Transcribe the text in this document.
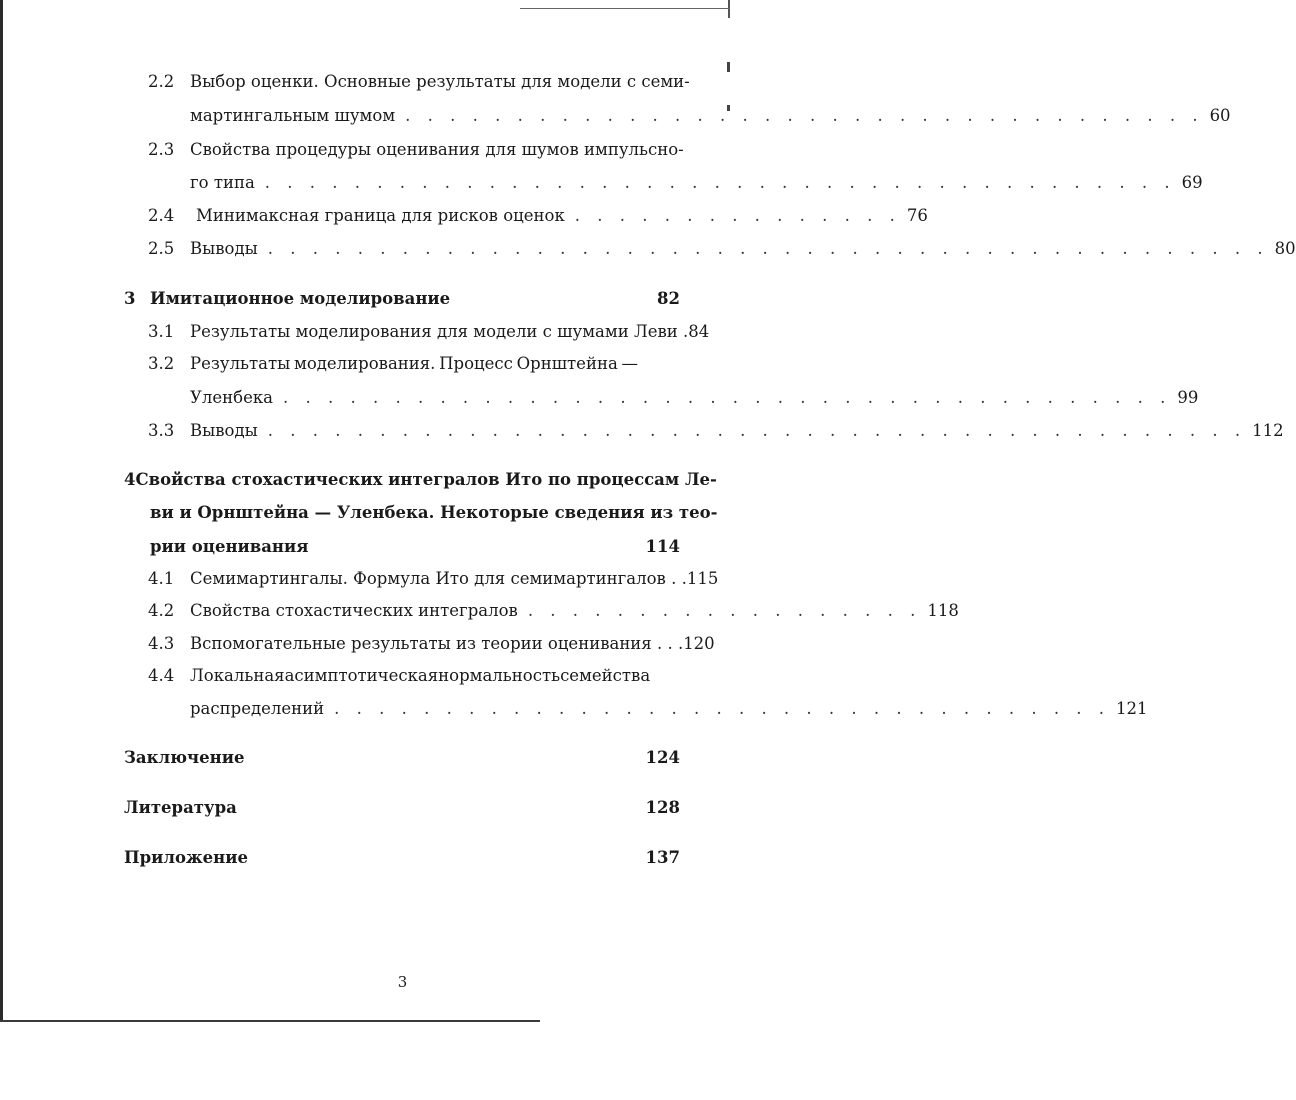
2.2 Выбор оценки. Основные результаты для модели с семи-
мартингальным шумом . . . . . . . . . . . . . . . . . . . . . . . . . . . . . . . . . . . . 60
2.3 Свойства процедуры оценивания для шумов импульсно-
го типа . . . . . . . . . . . . . . . . . . . . . . . . . . . . . . . . . . . . . . . . . 69
2.4 Минимаксная граница для рисков оценок . . . . . . . . . . . . . . . 76
2.5 Выводы . . . . . . . . . . . . . . . . . . . . . . . . . . . . . . . . . . . . . . . . . . . . . 80
3 Имитационное моделирование	82
3.1 Результаты моделирования для модели с шумами Леви . 84
3.2 Результаты моделирования. Процесс Орнштейна —
Уленбека . . . . . . . . . . . . . . . . . . . . . . . . . . . . . . . . . . . . . . . . 99
3.3 Выводы . . . . . . . . . . . . . . . . . . . . . . . . . . . . . . . . . . . . . . . . . . . . 112
4 Свойства стохастических интегралов Ито по процессам Ле-
ви и Орнштейна — Уленбека. Некоторые сведения из тео-
рии оценивания	114
4.1 Семимартингалы. Формула Ито для семимартингалов . . 115
4.2 Свойства стохастических интегралов . . . . . . . . . . . . . . . . . . 118
4.3 Вспомогательные результаты из теории оценивания . . . 120
4.4 Локальная асимптотическая нормальность семейства
распределений . . . . . . . . . . . . . . . . . . . . . . . . . . . . . . . . . . . 121
Заключение	124
Литература	128
Приложение	137
3
